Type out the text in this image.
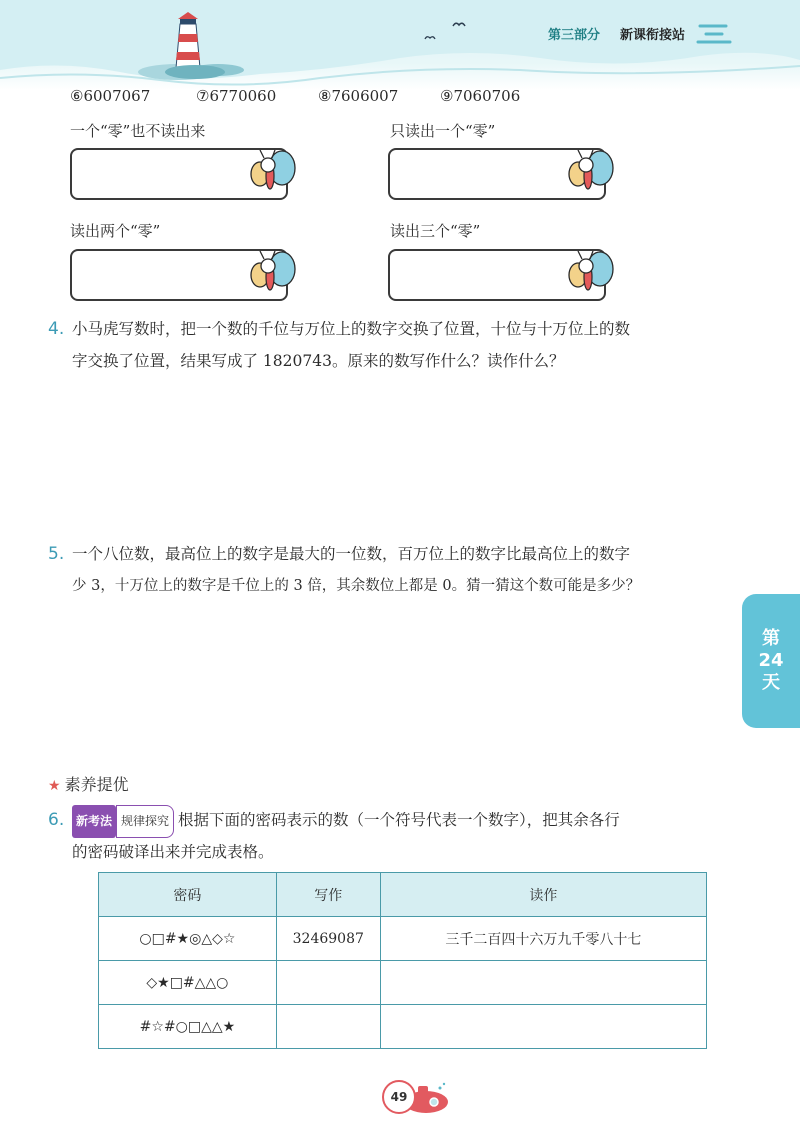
第三部分 新课衔接站
⑥6007067	⑦6770060	⑧7606007	⑨7060706
一个“零”也不读出来	只读出一个“零”
读出两个“零”	读出三个“零”
4. 小马虎写数时，把一个数的千位与万位上的数字交换了位置，十位与十万位上的数
字交换了位置，结果写成了 1820743。原来的数写作什么？读作什么？
5. 一个八位数，最高位上的数字是最大的一位数，百万位上的数字比最高位上的数字
少 3，十万位上的数字是千位上的 3 倍，其余数位上都是 0。猜一猜这个数可能是多少？
第
24
天
★ 素养提优
6. 新考法 规律探究 根据下面的密码表示的数（一个符号代表一个数字），把其余各行
的密码破译出来并完成表格。
密码	写作	读作
○□#★◎△◇☆	32469087	三千二百四十六万九千零八十七
◇★□#△△○		
#☆#○□△△★		
49
